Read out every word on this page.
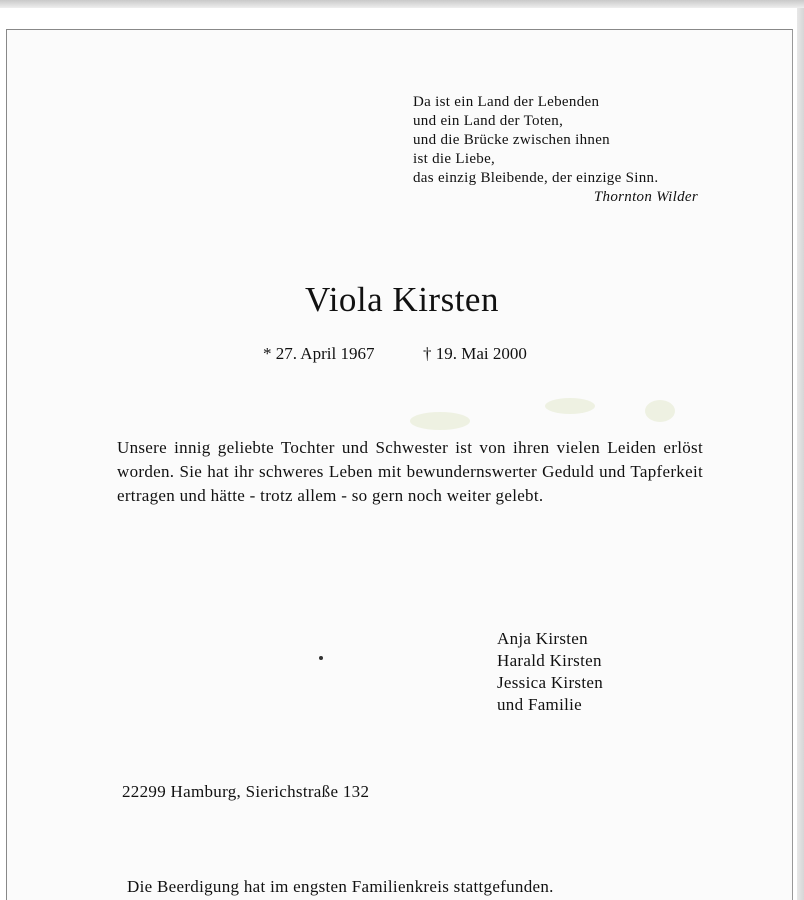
Da ist ein Land der Lebenden
und ein Land der Toten,
und die Brücke zwischen ihnen
ist die Liebe,
das einzig Bleibende, der einzige Sinn.
Thornton Wilder
Viola Kirsten
* 27. April 1967	† 19. Mai 2000
Unsere innig geliebte Tochter und Schwester ist von ihren vielen Leiden erlöst worden. Sie hat ihr schweres Leben mit bewundernswerter Geduld und Tapferkeit ertragen und hätte - trotz allem - so gern noch weiter gelebt.
Anja Kirsten
Harald Kirsten
Jessica Kirsten
und Familie
22299 Hamburg, Sierichstraße 132
Die Beerdigung hat im engsten Familienkreis stattgefunden.
